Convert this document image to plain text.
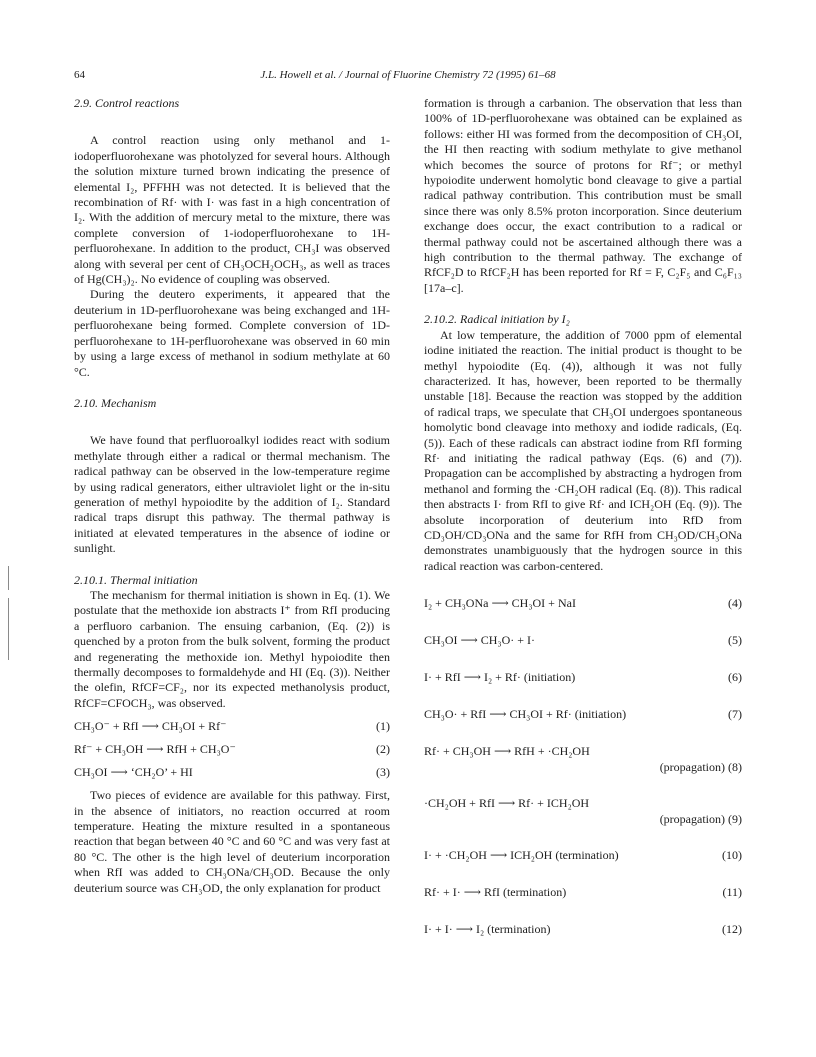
64	J.L. Howell et al. / Journal of Fluorine Chemistry 72 (1995) 61–68

2.9. Control reactions

A control reaction using only methanol and 1-iodoperfluorohexane was photolyzed for several hours. Although the solution mixture turned brown indicating the presence of elemental I₂, PFFHH was not detected. It is believed that the recombination of Rf· with I· was fast in a high concentration of I₂. With the addition of mercury metal to the mixture, there was complete conversion of 1-iodoperfluorohexane to 1H-perfluorohexane. In addition to the product, CH₃I was observed along with several per cent of CH₃OCH₂OCH₃, as well as traces of Hg(CH₃)₂. No evidence of coupling was observed.

During the deutero experiments, it appeared that the deuterium in 1D-perfluorohexane was being exchanged and 1H-perfluorohexane being formed. Complete conversion of 1D-perfluorohexane to 1H-perfluorohexane was observed in 60 min by using a large excess of methanol in sodium methylate at 60 °C.

2.10. Mechanism

We have found that perfluoroalkyl iodides react with sodium methylate through either a radical or thermal mechanism. The radical pathway can be observed in the low-temperature regime by using radical generators, either ultraviolet light or the in-situ generation of methyl hypoiodite by the addition of I₂. Standard radical traps disrupt this pathway. The thermal pathway is initiated at elevated temperatures in the absence of iodine or sunlight.

2.10.1. Thermal initiation

The mechanism for thermal initiation is shown in Eq. (1). We postulate that the methoxide ion abstracts I⁺ from RfI producing a perfluoro carbanion. The ensuing carbanion, (Eq. (2)) is quenched by a proton from the bulk solvent, forming the product and regenerating the methoxide ion. Methyl hypoiodite then thermally decomposes to formaldehyde and HI (Eq. (3)). Neither the olefin, RfCF=CF₂, nor its expected methanolysis product, RfCF=CFOCH₃, was observed.

CH₃O⁻ + RfI ⟶ CH₃OI + Rf⁻	(1)
Rf⁻ + CH₃OH ⟶ RfH + CH₃O⁻	(2)
CH₃OI ⟶ ‘CH₂O’ + HI	(3)

Two pieces of evidence are available for this pathway. First, in the absence of initiators, no reaction occurred at room temperature. Heating the mixture resulted in a spontaneous reaction that began between 40 °C and 60 °C and was very fast at 80 °C. The other is the high level of deuterium incorporation when RfI was added to CH₃ONa/CH₃OD. Because the only deuterium source was CH₃OD, the only explanation for product

formation is through a carbanion. The observation that less than 100% of 1D-perfluorohexane was obtained can be explained as follows: either HI was formed from the decomposition of CH₃OI, the HI then reacting with sodium methylate to give methanol which becomes the source of protons for Rf⁻; or methyl hypoiodite underwent homolytic bond cleavage to give a partial radical pathway contribution. This contribution must be small since there was only 8.5% proton incorporation. Since deuterium exchange does occur, the exact contribution to a radical or thermal pathway could not be ascertained although there was a high contribution to the thermal pathway. The exchange of RfCF₂D to RfCF₂H has been reported for Rf = F, C₂F₅ and C₆F₁₃ [17a–c].

2.10.2. Radical initiation by I₂

At low temperature, the addition of 7000 ppm of elemental iodine initiated the reaction. The initial product is thought to be methyl hypoiodite (Eq. (4)), although it was not fully characterized. It has, however, been reported to be thermally unstable [18]. Because the reaction was stopped by the addition of radical traps, we speculate that CH₃OI undergoes spontaneous homolytic bond cleavage into methoxy and iodide radicals, (Eq. (5)). Each of these radicals can abstract iodine from RfI forming Rf· and initiating the radical pathway (Eqs. (6) and (7)). Propagation can be accomplished by abstracting a hydrogen from methanol and forming the ·CH₂OH radical (Eq. (8)). This radical then abstracts I· from RfI to give Rf· and ICH₂OH (Eq. (9)). The absolute incorporation of deuterium into RfD from CD₃OH/CD₃ONa and the same for RfH from CH₃OD/CH₃ONa demonstrates unambiguously that the hydrogen source in this radical reaction was carbon-centered.

I₂ + CH₃ONa ⟶ CH₃OI + NaI	(4)
CH₃OI ⟶ CH₃O· + I·	(5)
I· + RfI ⟶ I₂ + Rf· (initiation)	(6)
CH₃O· + RfI ⟶ CH₃OI + Rf· (initiation)	(7)
Rf· + CH₃OH ⟶ RfH + ·CH₂OH
(propagation) (8)
·CH₂OH + RfI ⟶ Rf· + ICH₂OH
(propagation) (9)
I· + ·CH₂OH ⟶ ICH₂OH (termination)	(10)
Rf· + I· ⟶ RfI (termination)	(11)
I· + I· ⟶ I₂ (termination)	(12)
